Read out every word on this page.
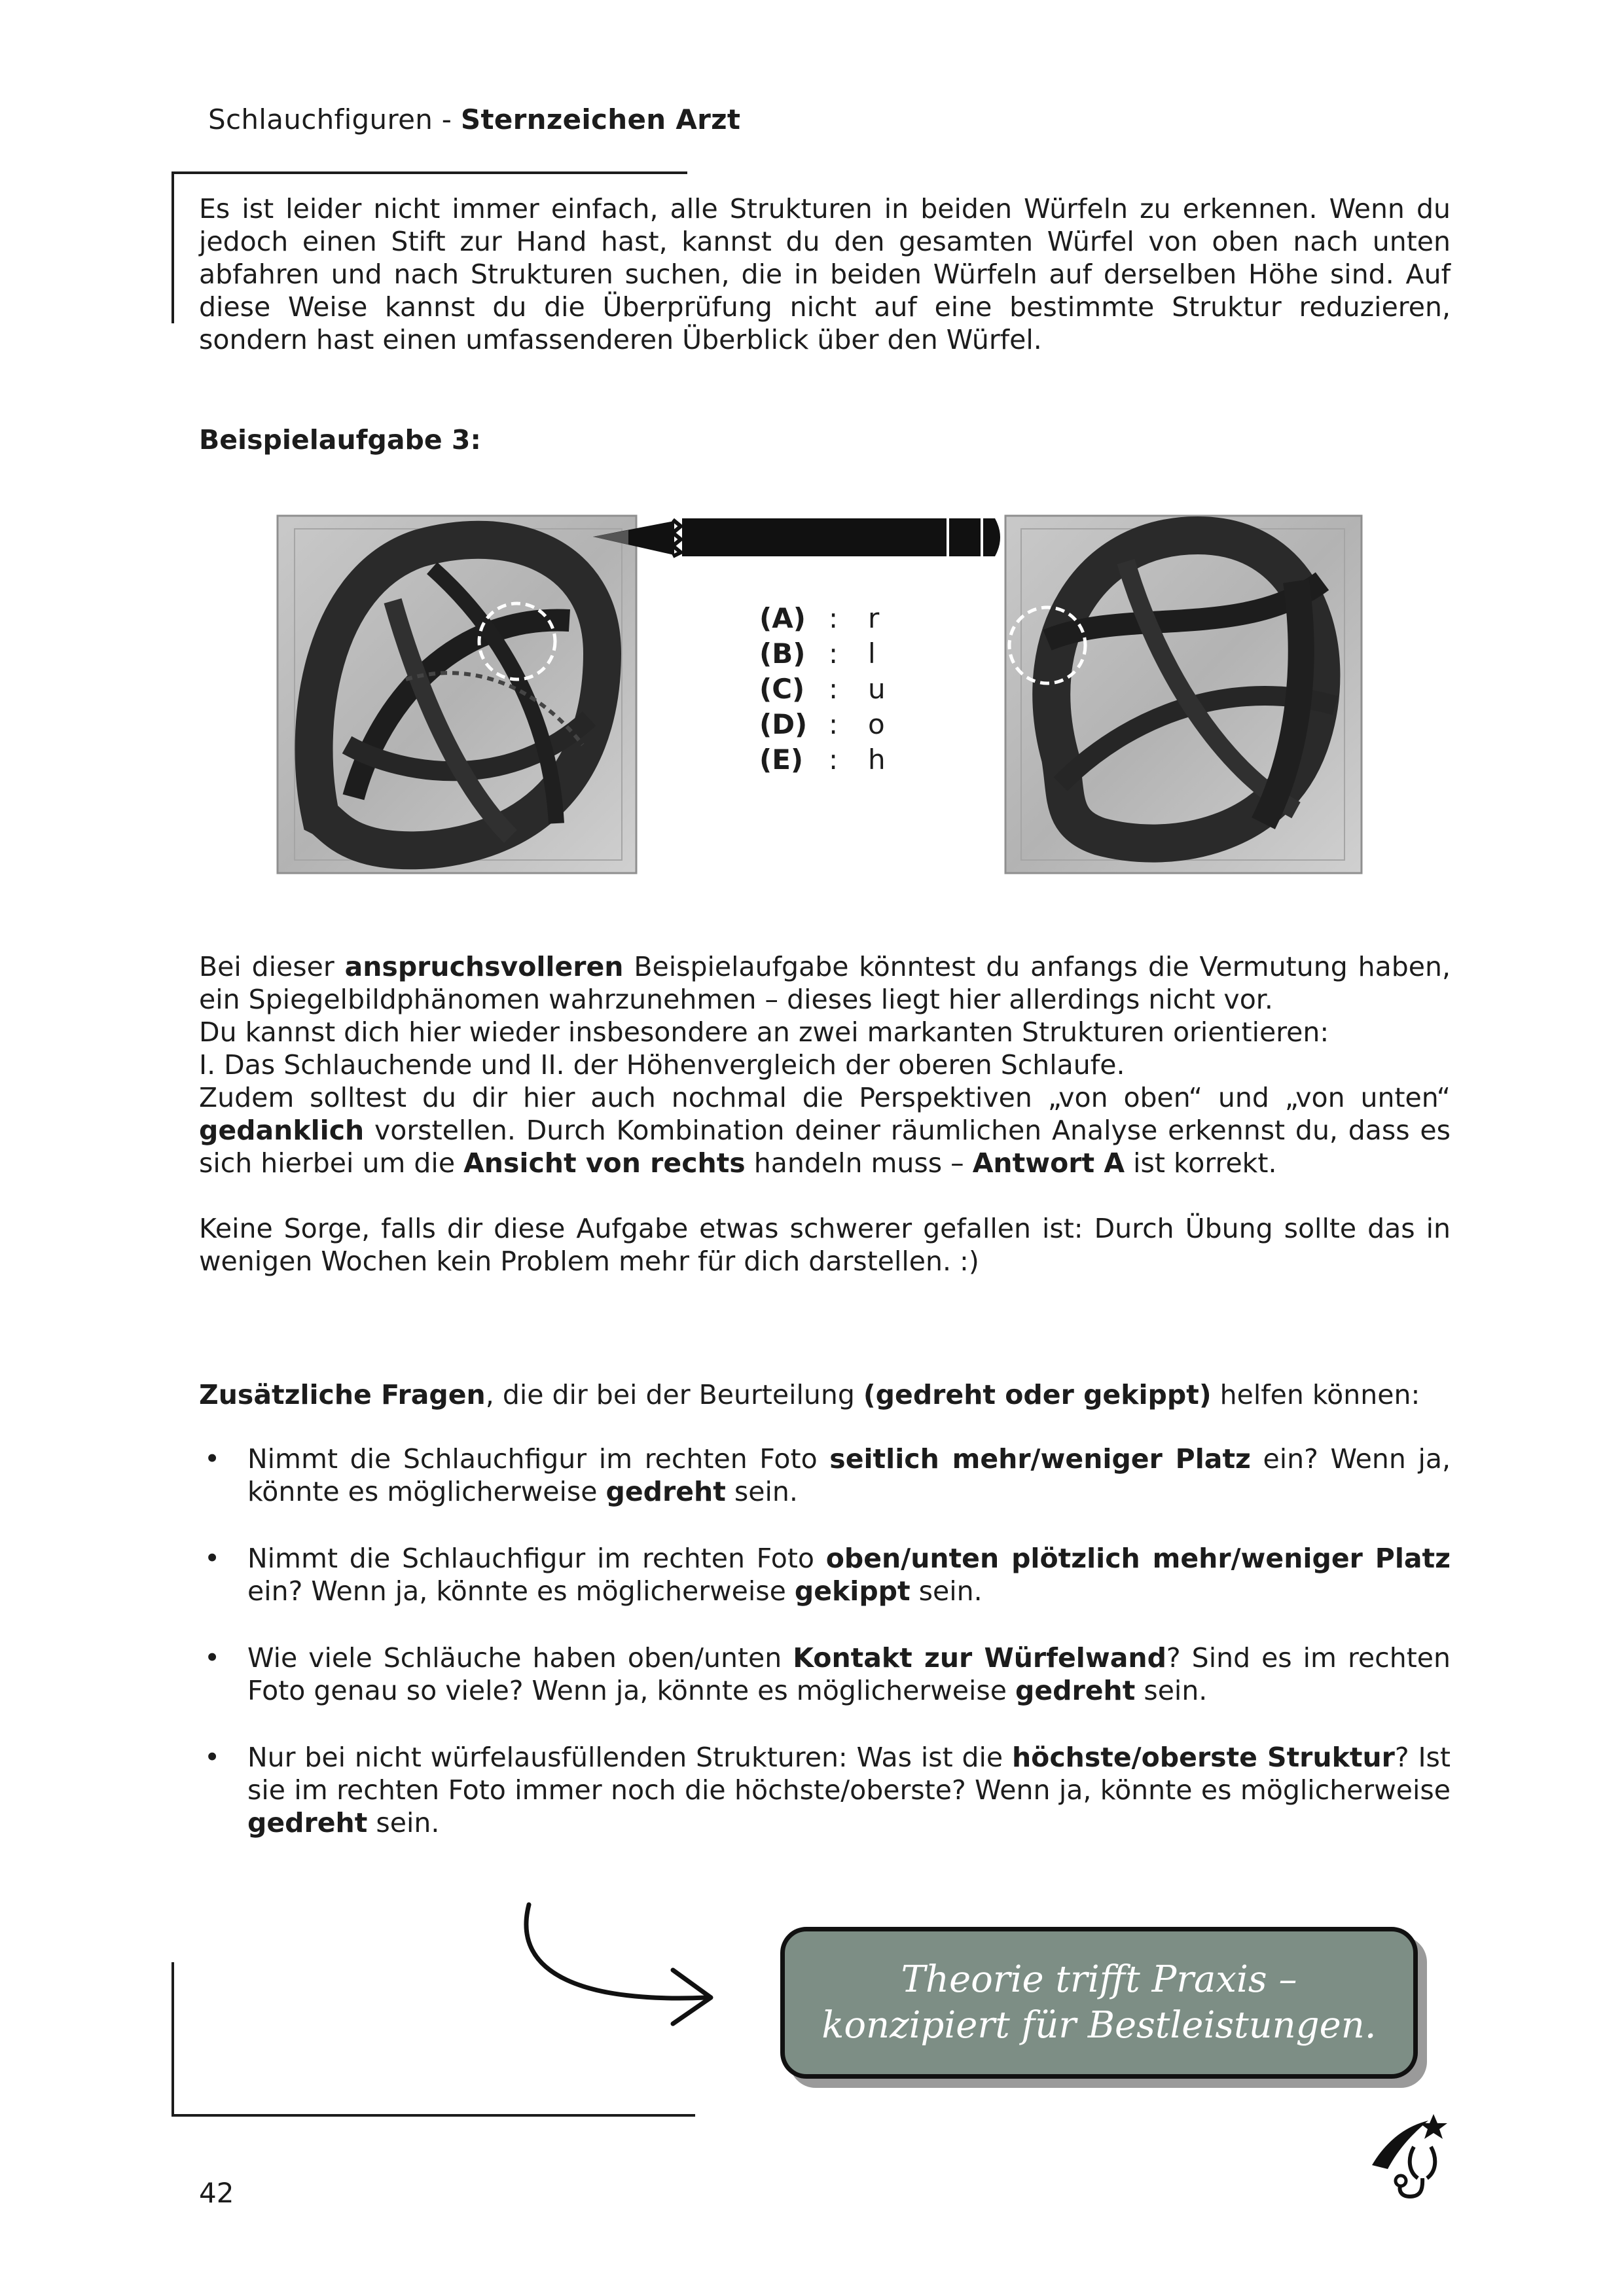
Schlauchfiguren - Sternzeichen Arzt

Es ist leider nicht immer einfach, alle Strukturen in beiden Würfeln zu erkennen. Wenn du jedoch einen Stift zur Hand hast, kannst du den gesamten Würfel von oben nach unten abfahren und nach Strukturen suchen, die in beiden Würfeln auf derselben Höhe sind. Auf diese Weise kannst du die Überprüfung nicht auf eine bestimmte Struktur reduzieren, sondern hast einen umfassenderen Überblick über den Würfel.

Beispielaufgabe 3:
(A) :	r
(B) :	l
(C) :	u
(D) :	o
(E) :	h

Bei dieser anspruchsvolleren Beispielaufgabe könntest du anfangs die Vermutung haben, ein Spiegelbildphänomen wahrzunehmen – dieses liegt hier allerdings nicht vor.

Du kannst dich hier wieder insbesondere an zwei markanten Strukturen orientieren:

I. Das Schlauchende und II. der Höhenvergleich der oberen Schlaufe.

Zudem solltest du dir hier auch nochmal die Perspektiven „von oben“ und „von unten“ gedanklich vorstellen. Durch Kombination deiner räumlichen Analyse erkennst du, dass es sich hierbei um die Ansicht von rechts handeln muss – Antwort A ist korrekt.

Keine Sorge, falls dir diese Aufgabe etwas schwerer gefallen ist: Durch Übung sollte das in wenigen Wochen kein Problem mehr für dich darstellen. :)

Zusätzliche Fragen, die dir bei der Beurteilung (gedreht oder gekippt) helfen können:

• Nimmt die Schlauchfigur im rechten Foto seitlich mehr/weniger Platz ein? Wenn ja, könnte es möglicherweise gedreht sein.
• Nimmt die Schlauchfigur im rechten Foto oben/unten plötzlich mehr/weniger Platz ein? Wenn ja, könnte es möglicherweise gekippt sein.
• Wie viele Schläuche haben oben/unten Kontakt zur Würfelwand? Sind es im rechten Foto genau so viele? Wenn ja, könnte es möglicherweise gedreht sein.
• Nur bei nicht würfelausfüllenden Strukturen: Was ist die höchste/oberste Struktur? Ist sie im rechten Foto immer noch die höchste/oberste? Wenn ja, könnte es möglicherweise gedreht sein.
Theorie trifft Praxis –
konzipiert für Bestleistungen.
42
